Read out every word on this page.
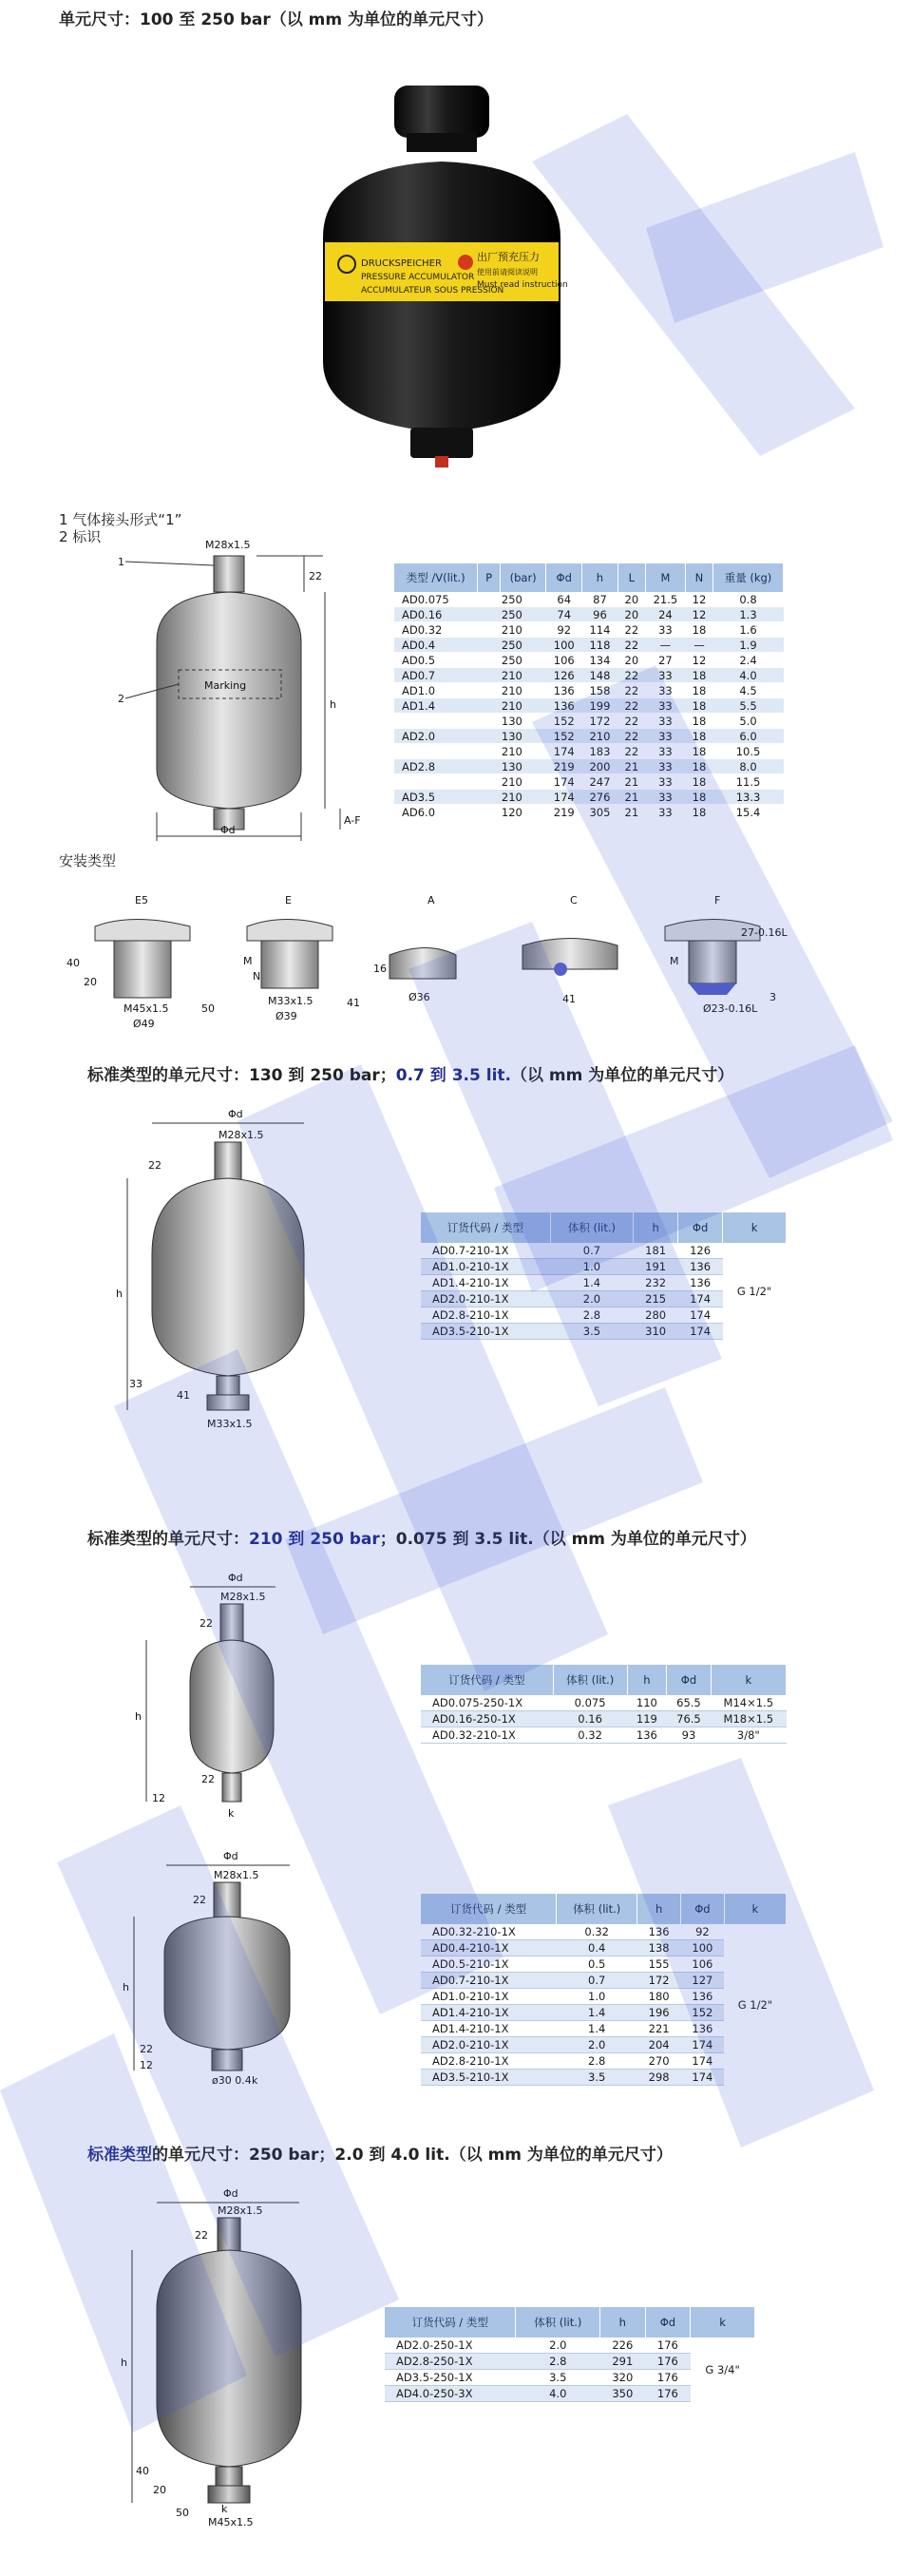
单元尺寸：100 至 250 bar（以 mm 为单位的单元尺寸）
DRUCKSPEICHER
PRESSURE ACCUMULATOR
ACCUMULATEUR SOUS PRESSION
出厂预充压力
使用前请阅读说明
Must read instruction
1 气体接头形式“1”
2 标识
Marking
M28x1.5
22
h
A-F
Φd
1
2
类型 /V(lit.)	P	(bar)	Φd	h	L	M	N	重量 (kg)
AD0.075	250		64	87	20	21.5	12	0.8
AD0.16	250		74	96	20	24	12	1.3
AD0.32	210		92	114	22	33	18	1.6
AD0.4	250		100	118	22	—	—	1.9
AD0.5	250		106	134	20	27	12	2.4
AD0.7	210		126	148	22	33	18	4.0
AD1.0	210		136	158	22	33	18	4.5
AD1.4	210		136	199	22	33	18	5.5
	130		152	172	22	33	18	5.0
AD2.0	130		152	210	22	33	18	6.0
	210		174	183	22	33	18	10.5
AD2.8	130		219	200	21	33	18	8.0
	210		174	247	21	33	18	11.5
AD3.5	210		174	276	21	33	18	13.3
AD6.0	120		219	305	21	33	18	15.4
安装类型
E5
40
20
M45x1.5
Ø49
50
E
M
N
M33x1.5
Ø39
41
A
16
Ø36
C
41
F
27-0.16L
M
Ø23-0.16L
3
标准类型的单元尺寸：130 到 250 bar；0.7 到 3.5 lit.（以 mm 为单位的单元尺寸）
Φd
M28x1.5
22
h
33
41
M33x1.5
订货代码 / 类型	体积 (lit.)	h	Φd	k
AD0.7-210-1X	0.7	181	126	G 1/2"
AD1.0-210-1X	1.0	191	136	
AD1.4-210-1X	1.4	232	136	
AD2.0-210-1X	2.0	215	174	
AD2.8-210-1X	2.8	280	174	
AD3.5-210-1X	3.5	310	174	
标准类型的单元尺寸：210 到 250 bar；0.075 到 3.5 lit.（以 mm 为单位的单元尺寸）
Φd
M28x1.5
22
h
22
12
k
订货代码 / 类型	体积 (lit.)	h	Φd	k
AD0.075-250-1X	0.075	110	65.5	M14×1.5
AD0.16-250-1X	0.16	119	76.5	M18×1.5
AD0.32-210-1X	0.32	136	93	3/8"
Φd
M28x1.5
22
h
22
12
ø30 0.4 k
订货代码 / 类型	体积 (lit.)	h	Φd	k
AD0.32-210-1X	0.32	136	92	G 1/2"
AD0.4-210-1X	0.4	138	100	
AD0.5-210-1X	0.5	155	106	
AD0.7-210-1X	0.7	172	127	
AD1.0-210-1X	1.0	180	136	
AD1.4-210-1X	1.4	196	152	
AD1.4-210-1X	1.4	221	136	
AD2.0-210-1X	2.0	204	174	
AD2.8-210-1X	2.8	270	174	
AD3.5-210-1X	3.5	298	174	
标准类型的单元尺寸：250 bar；2.0 到 4.0 lit.（以 mm 为单位的单元尺寸）
Φd
M28x1.5
22
h
40
20
50	k
M45x1.5
订货代码 / 类型	体积 (lit.)	h	Φd	k
AD2.0-250-1X	2.0	226	176	G 3/4"
AD2.8-250-1X	2.8	291	176	
AD3.5-250-1X	3.5	320	176	
AD4.0-250-3X	4.0	350	176	
